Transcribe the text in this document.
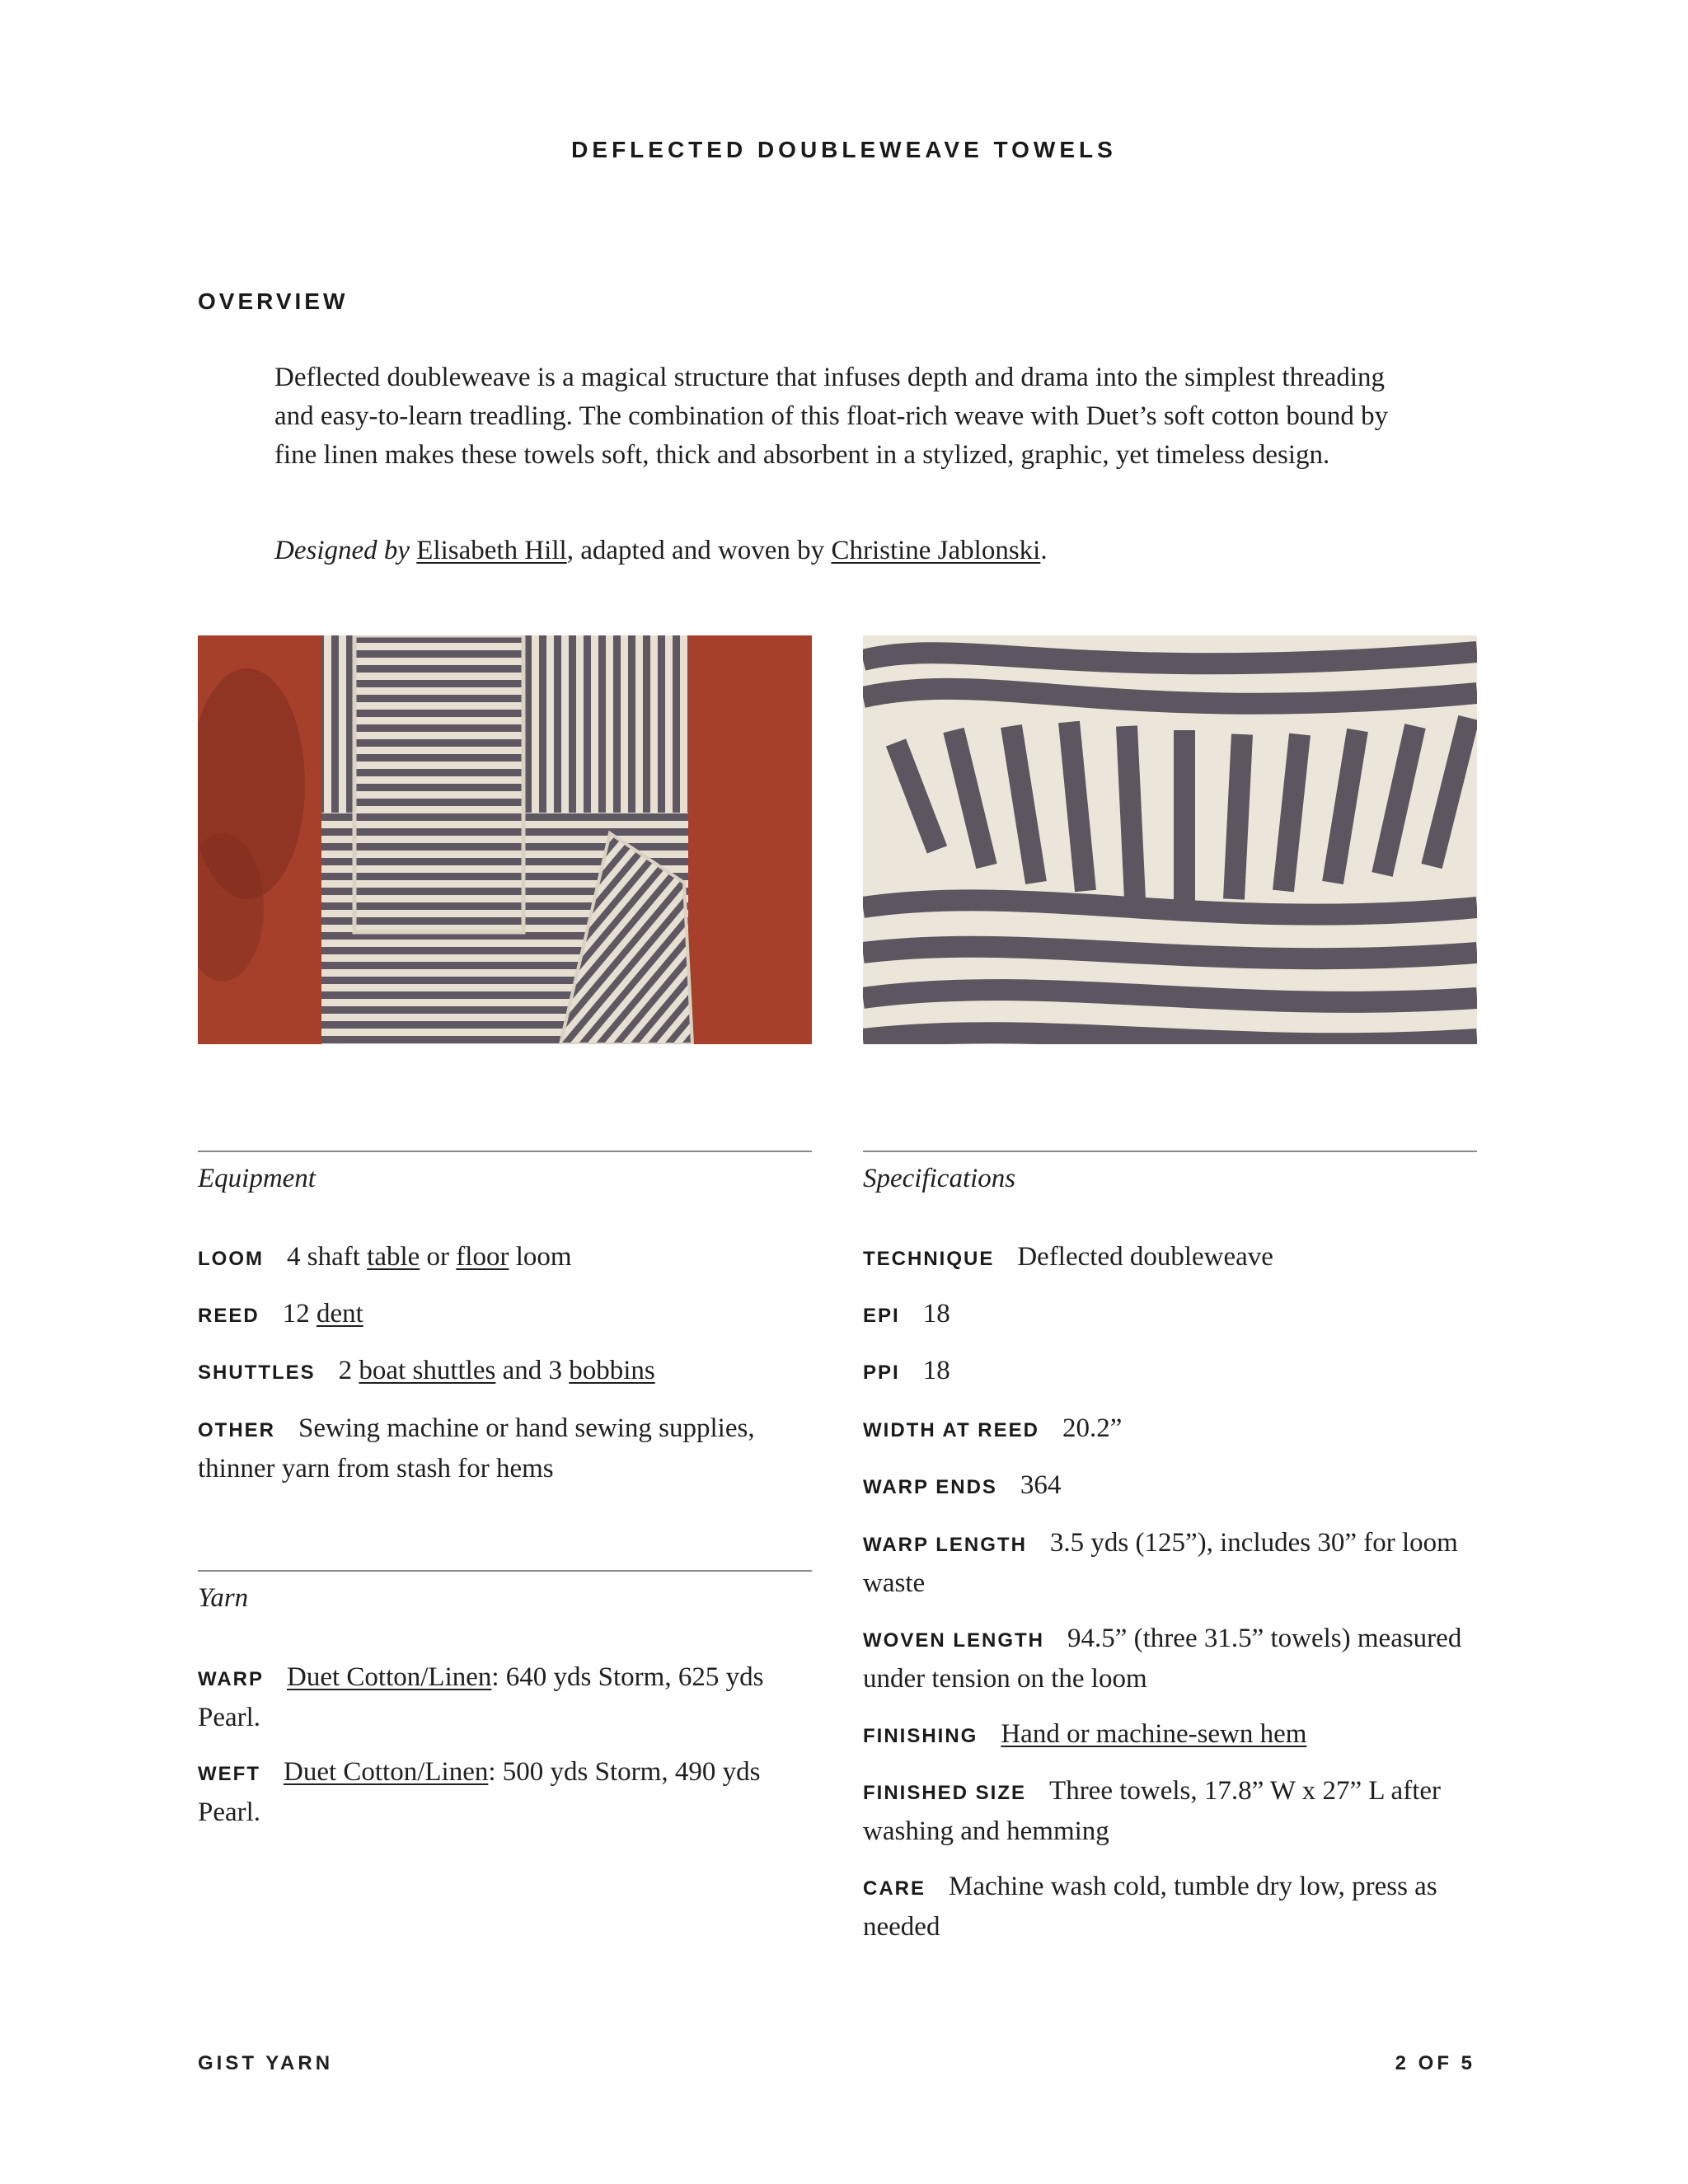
DEFLECTED DOUBLEWEAVE TOWELS
OVERVIEW

Deflected doubleweave is a magical structure that infuses depth and drama into the simplest threading and easy-to-learn treadling. The combination of this float-rich weave with Duet’s soft cotton bound by fine linen makes these towels soft, thick and absorbent in a stylized, graphic, yet timeless design.

Designed by Elisabeth Hill, adapted and woven by Christine Jablonski.

Equipment

LOOM 4 shaft table or floor loom

REED 12 dent

SHUTTLES 2 boat shuttles and 3 bobbins

OTHER Sewing machine or hand sewing supplies, thinner yarn from stash for hems

Yarn

WARP Duet Cotton/Linen: 640 yds Storm, 625 yds Pearl.

WEFT Duet Cotton/Linen: 500 yds Storm, 490 yds Pearl.

Specifications

TECHNIQUE Deflected doubleweave

EPI 18

PPI 18

WIDTH AT REED 20.2”

WARP ENDS 364

WARP LENGTH 3.5 yds (125”), includes 30” for loom waste

WOVEN LENGTH 94.5” (three 31.5” towels) measured under tension on the loom

FINISHING Hand or machine-sewn hem

FINISHED SIZE Three towels, 17.8” W x 27” L after washing and hemming

CARE Machine wash cold, tumble dry low, press as needed

GIST YARN	2 OF 5
